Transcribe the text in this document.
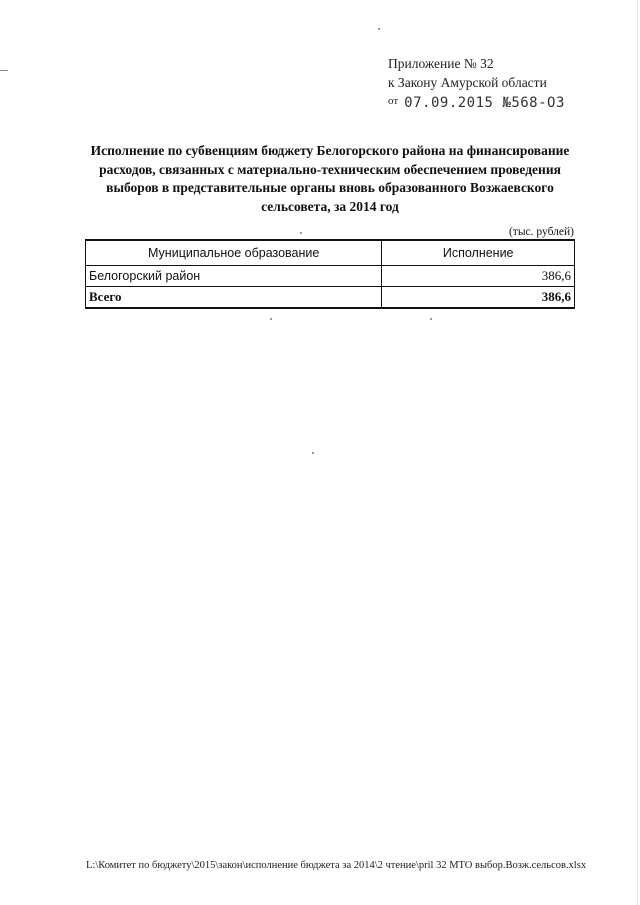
Приложение № 32
к Закону Амурской области
$^{от}$ 07.09.2015 №568-ОЗ
Исполнение по субвенциям бюджету Белогорского района на финансирование расходов, связанных с материально-техническим обеспечением проведения выборов в представительные органы вновь образованного Возжаевского сельсовета, за 2014 год
(тыс. рублей)
Муниципальное образование	Исполнение
Белогорский район	386,6
Всего	386,6
L:\Комитет по бюджету\2015\закон\исполнение бюджета за 2014\2 чтение\pril 32 МТО выбор.Возж.сельсов.xlsx
